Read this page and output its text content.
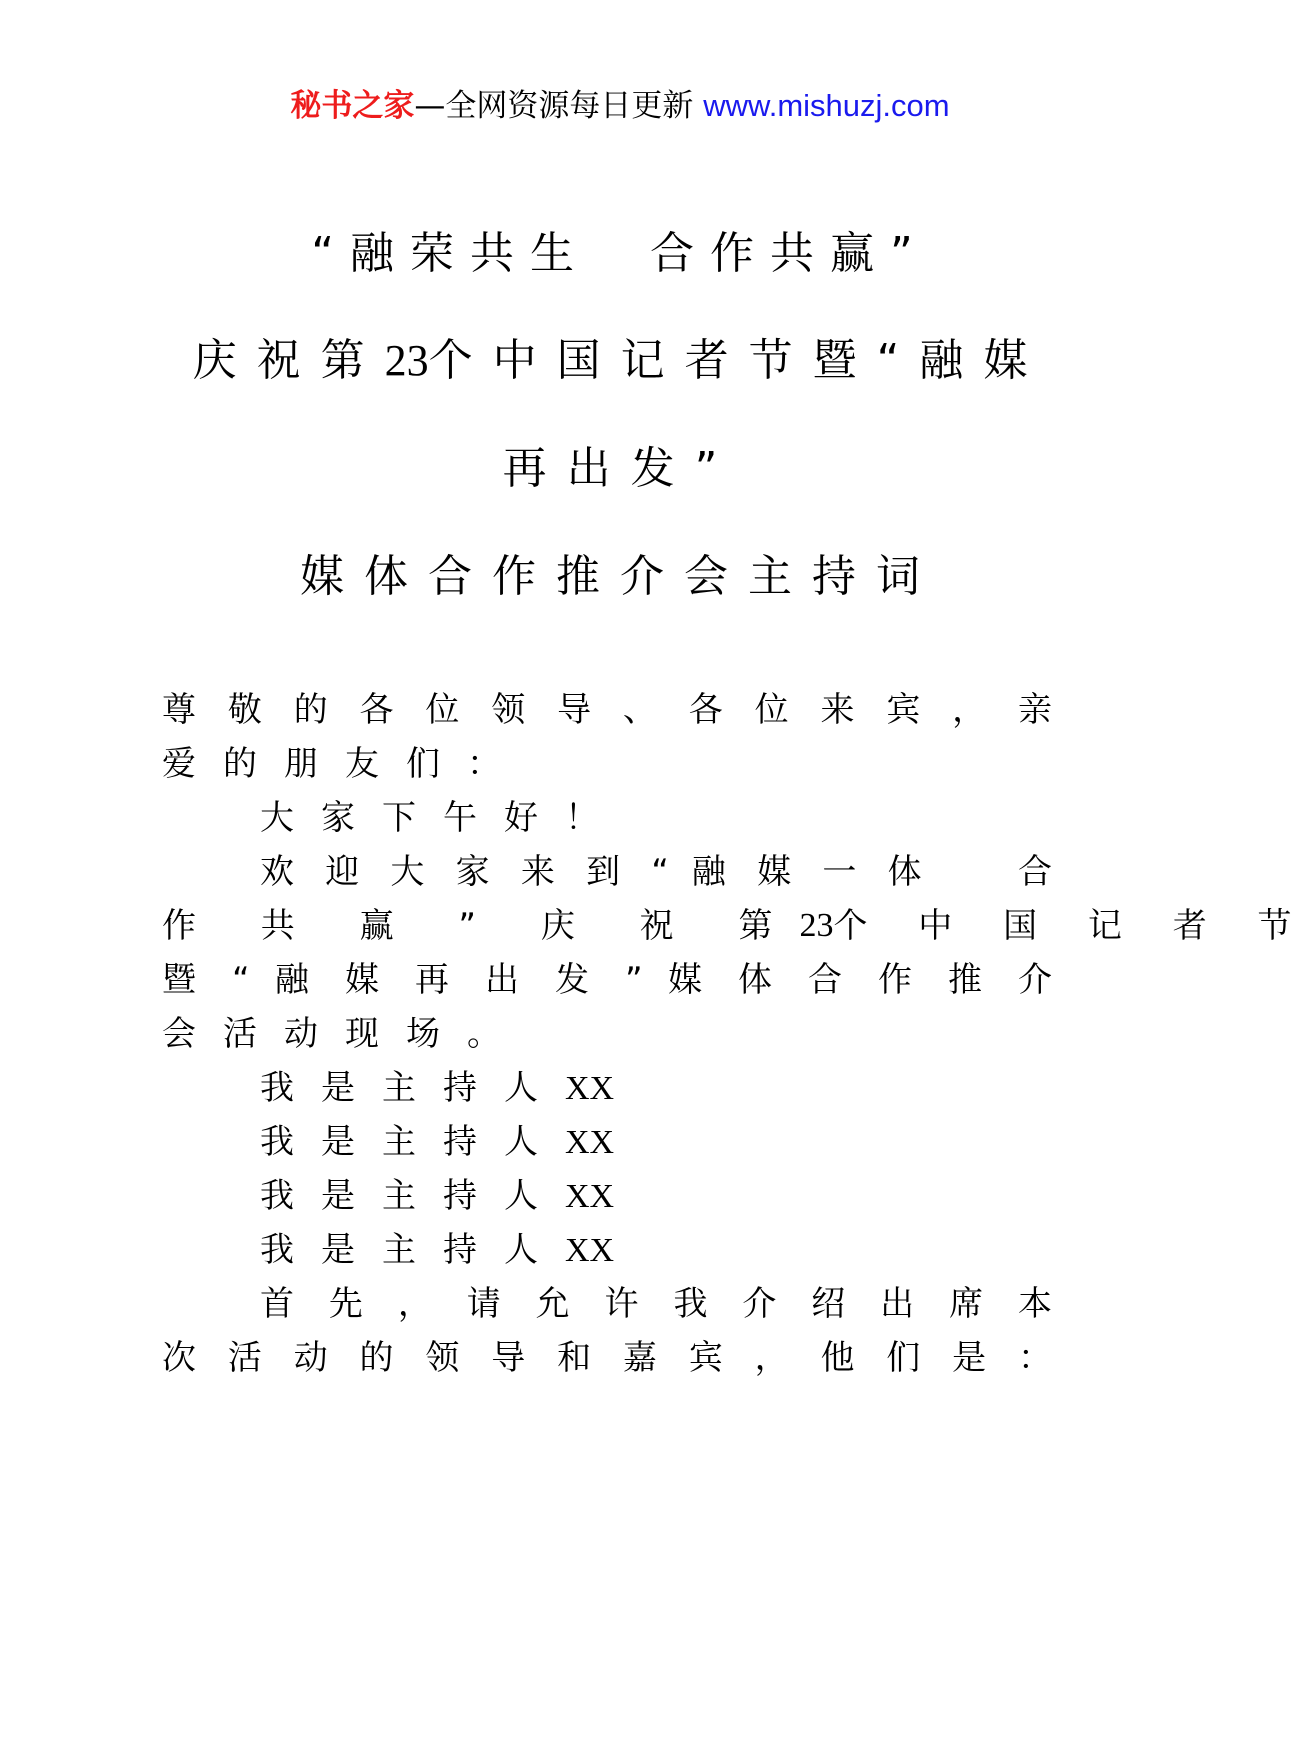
秘书之家—全网资源每日更新 www.mishuzj.com
“融荣共生　合作共赢”
庆祝第23个中国记者节暨“融媒
再出发”
媒体合作推介会主持词
尊 敬 的 各 位 领 导 、 各 位 来 宾 ， 亲
爱的朋友们：
大家下午好！
欢 迎 大 家 来 到 “ 融 媒 一 体 　 合
作 共 赢 ” 庆 祝 第 23 个 中 国 记 者 节
暨 “ 融 媒 再 出 发 ” 媒 体 合 作 推 介
会活动现场。
我是主持人XX
我是主持人XX
我是主持人XX
我是主持人XX
首 先 ， 请 允 许 我 介 绍 出 席 本
次 活 动 的 领 导 和 嘉 宾 ， 他 们 是 ：
